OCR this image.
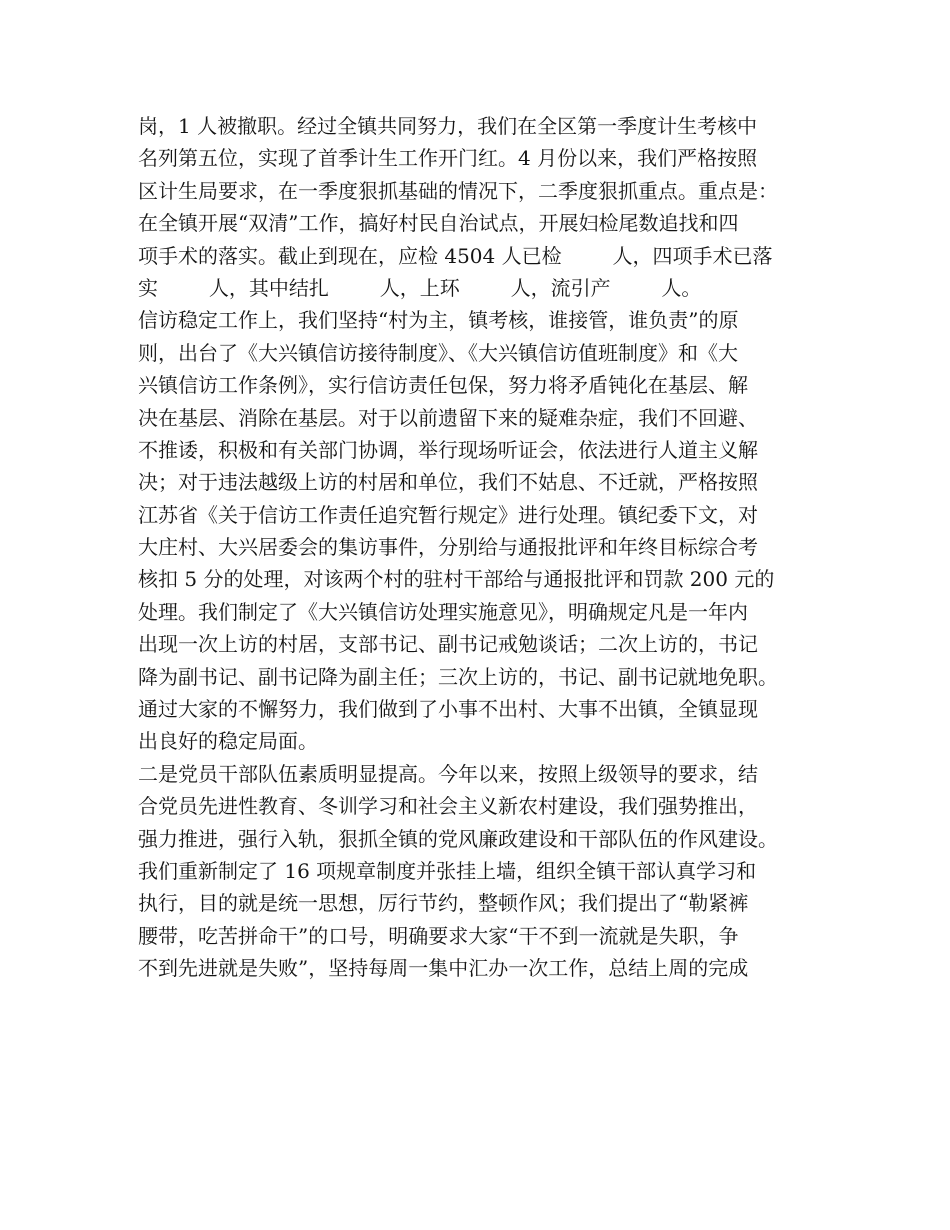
岗，1 人被撤职。经过全镇共同努力，我们在全区第一季度计生考核中
名列第五位，实现了首季计生工作开门红。4 月份以来，我们严格按照
区计生局要求，在一季度狠抓基础的情况下，二季度狠抓重点。重点是：
在全镇开展“双清”工作，搞好村民自治试点，开展妇检尾数追找和四
项手术的落实。截止到现在，应检 4504 人已检        人，四项手术已落
实        人，其中结扎        人，上环        人，流引产        人。
信访稳定工作上，我们坚持“村为主，镇考核，谁接管，谁负责”的原
则，出台了《大兴镇信访接待制度》、《大兴镇信访值班制度》和《大
兴镇信访工作条例》，实行信访责任包保，努力将矛盾钝化在基层、解
决在基层、消除在基层。对于以前遗留下来的疑难杂症，我们不回避、
不推诿，积极和有关部门协调，举行现场听证会，依法进行人道主义解
决；对于违法越级上访的村居和单位，我们不姑息、不迁就，严格按照
江苏省《关于信访工作责任追究暂行规定》进行处理。镇纪委下文，对
大庄村、大兴居委会的集访事件，分别给与通报批评和年终目标综合考
核扣 5 分的处理，对该两个村的驻村干部给与通报批评和罚款 200 元的
处理。我们制定了《大兴镇信访处理实施意见》，明确规定凡是一年内
出现一次上访的村居，支部书记、副书记戒勉谈话；二次上访的，书记
降为副书记、副书记降为副主任；三次上访的，书记、副书记就地免职。
通过大家的不懈努力，我们做到了小事不出村、大事不出镇，全镇显现
出良好的稳定局面。
二是党员干部队伍素质明显提高。今年以来，按照上级领导的要求，结
合党员先进性教育、冬训学习和社会主义新农村建设，我们强势推出，
强力推进，强行入轨，狠抓全镇的党风廉政建设和干部队伍的作风建设。
我们重新制定了 16 项规章制度并张挂上墙，组织全镇干部认真学习和
执行，目的就是统一思想，厉行节约，整顿作风；我们提出了“勒紧裤
腰带，吃苦拼命干”的口号，明确要求大家“干不到一流就是失职，争
不到先进就是失败”，坚持每周一集中汇办一次工作，总结上周的完成
